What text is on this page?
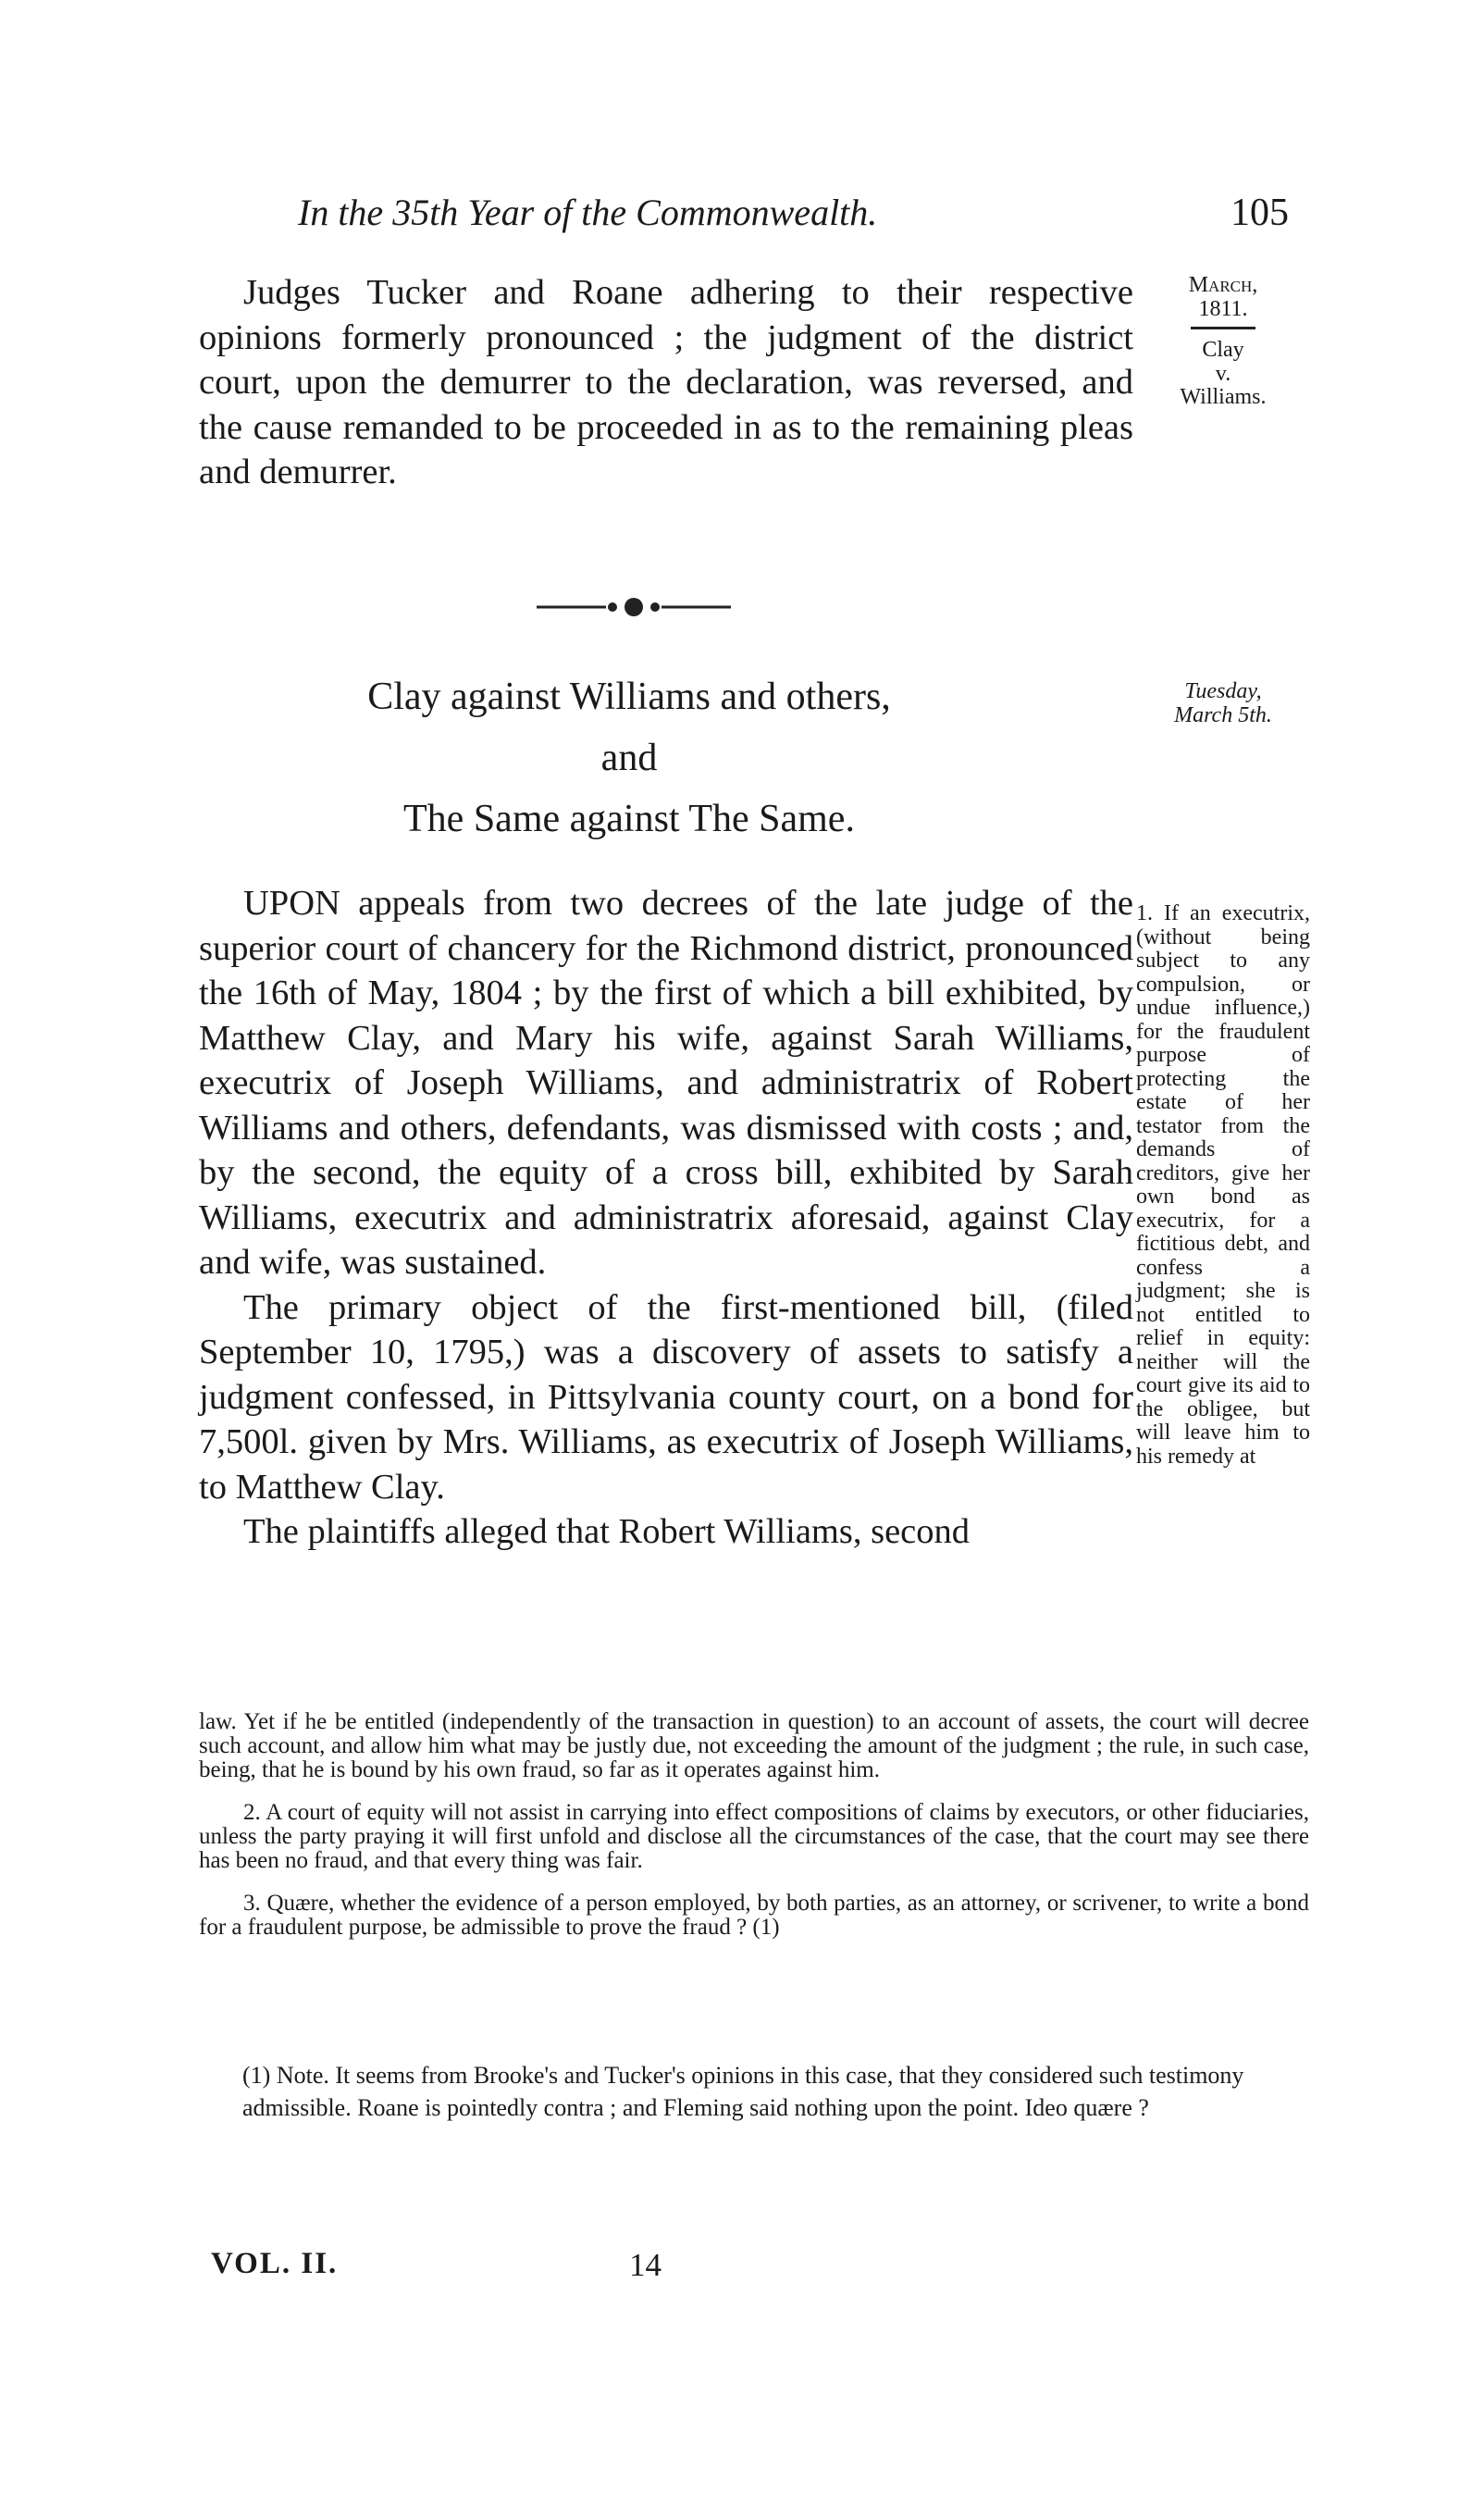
In the 35th Year of the Commonwealth.	105
March,
1811.
Clay
v.
Williams.

Judges Tucker and Roane adhering to their respective opinions formerly pronounced ; the judgment of the district court, upon the demurrer to the declaration, was reversed, and the cause remanded to be proceeded in as to the remaining pleas and demurrer.

Clay against Williams and others,
and
The Same against The Same.
Tuesday,
March 5th.

UPON appeals from two decrees of the late judge of the superior court of chancery for the Richmond district, pronounced the 16th of May, 1804 ; by the first of which a bill exhibited, by Matthew Clay, and Mary his wife, against Sarah Williams, executrix of Joseph Williams, and administratrix of Robert Williams and others, defendants, was dismissed with costs ; and, by the second, the equity of a cross bill, exhibited by Sarah Williams, executrix and administratrix aforesaid, against Clay and wife, was sustained.

The primary object of the first-mentioned bill, (filed September 10, 1795,) was a discovery of assets to satisfy a judgment confessed, in Pittsylvania county court, on a bond for 7,500l. given by Mrs. Williams, as executrix of Joseph Williams, to Matthew Clay.

The plaintiffs alleged that Robert Williams, second

1. If an executrix, (without being subject to any compulsion, or undue influence,) for the fraudulent purpose of protecting the estate of her testator from the demands of creditors, give her own bond as executrix, for a fictitious debt, and confess a judgment; she is not entitled to relief in equity: neither will the court give its aid to the obligee, but will leave him to his remedy at

law. Yet if he be entitled (independently of the transaction in question) to an account of assets, the court will decree such account, and allow him what may be justly due, not exceeding the amount of the judgment ; the rule, in such case, being, that he is bound by his own fraud, so far as it operates against him.

2. A court of equity will not assist in carrying into effect compositions of claims by executors, or other fiduciaries, unless the party praying it will first unfold and disclose all the circumstances of the case, that the court may see there has been no fraud, and that every thing was fair.

3. Quære, whether the evidence of a person employed, by both parties, as an attorney, or scrivener, to write a bond for a fraudulent purpose, be admissible to prove the fraud ? (1)

(1) Note. It seems from Brooke's and Tucker's opinions in this case, that they considered such testimony admissible. Roane is pointedly contra ; and Fleming said nothing upon the point. Ideo quære ?

VOL. II.	14
